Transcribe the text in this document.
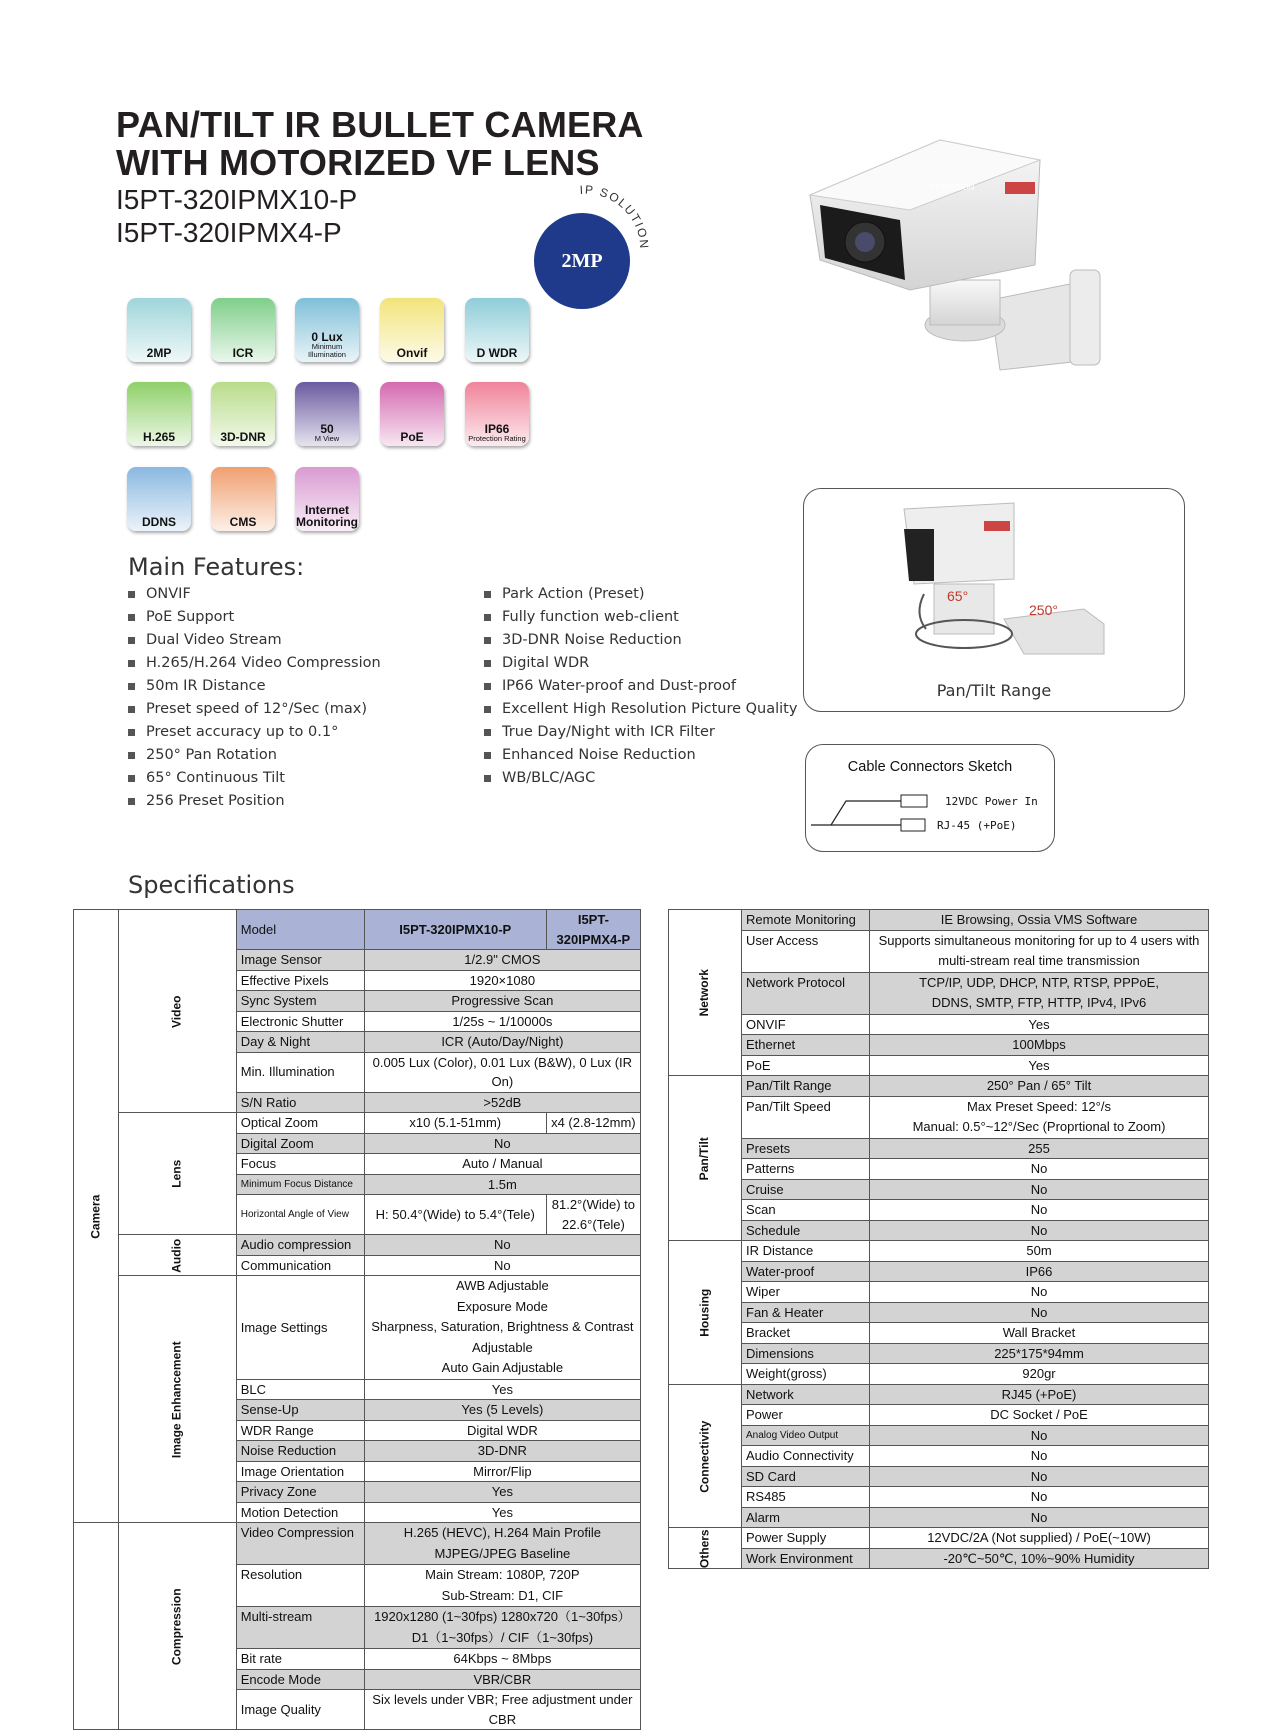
PAN/TILT IR BULLET CAMERA
WITH MOTORIZED VF LENS
I5PT-320IPMX10-P
I5PT-320IPMX4-P
2MP
IP SOLUTION
PROVISION
2MP	ICR
0 Lux
Minimum Illumination	Onvif	D WDR
H.265	3D-DNR
50
M View	PoE
IP66
Protection Rating
DDNS	CMS
Internet Monitoring
Main Features:
ONVIF
PoE Support
Dual Video Stream
H.265/H.264 Video Compression
50m IR Distance
Preset speed of 12°/Sec (max)
Preset accuracy up to 0.1°
250° Pan Rotation
65° Continuous Tilt
256 Preset Position
Park Action (Preset)
Fully function web-client
3D-DNR Noise Reduction
Digital WDR
IP66 Water-proof and Dust-proof
Excellent High Resolution Picture Quality
True Day/Night with ICR Filter
Enhanced Noise Reduction
WB/BLC/AGC
65°
250°
Pan/Tilt Range
Cable Connectors Sketch
12VDC Power In
RJ-45 (+PoE)
Specifications
Camera	Video	Model	I5PT-320IPMX10-P	I5PT-320IPMX4-P
		Image Sensor	1/2.9" CMOS	
		Effective Pixels	1920×1080	
		Sync System	Progressive Scan	
		Electronic Shutter	1/25s ~ 1/10000s	
		Day & Night	ICR (Auto/Day/Night)	
		Min. Illumination	0.005 Lux (Color), 0.01 Lux (B&W), 0 Lux (IR On)	
		S/N Ratio	>52dB	
	Lens	Optical Zoom	x10 (5.1-51mm)	x4 (2.8-12mm)
		Digital Zoom	No	
		Focus	Auto / Manual	
		Minimum Focus Distance	1.5m	
		Horizontal Angle of View	H: 50.4°(Wide) to 5.4°(Tele)	81.2°(Wide) to 22.6°(Tele)
	Audio	Audio compression	No	
		Communication	No	
	Image Enhancement	Image Settings	AWB Adjustable
Exposure Mode
Sharpness, Saturation, Brightness & Contrast Adjustable
Auto Gain Adjustable	

		BLC	Yes	
		Sense-Up	Yes (5 Levels)	
		WDR Range	Digital WDR	
		Noise Reduction	3D-DNR	
		Image Orientation	Mirror/Flip	
		Privacy Zone	Yes	
		Motion Detection	Yes	
	Compression	Video Compression	H.265 (HEVC), H.264 Main Profile
MJPEG/JPEG Baseline	

		Resolution	Main Stream: 1080P, 720P
Sub-Stream: D1, CIF	

		Multi-stream	1920x1280 (1~30fps) 1280x720（1~30fps）
D1（1~30fps）/ CIF（1~30fps)	

		Bit rate	64Kbps ~ 8Mbps	
		Encode Mode	VBR/CBR	
		Image Quality	Six levels under VBR; Free adjustment under CBR	
Network	Remote Monitoring	IE Browsing, Ossia VMS Software
	User Access	Supports simultaneous monitoring for up to 4 users with
multi-stream real time transmission

	Network Protocol	TCP/IP, UDP, DHCP, NTP, RTSP, PPPoE,
DDNS, SMTP, FTP, HTTP, IPv4, IPv6

	ONVIF	Yes
	Ethernet	100Mbps
	PoE	Yes
Pan/Tilt	Pan/Tilt Range	250° Pan / 65° Tilt
	Pan/Tilt Speed	Max Preset Speed: 12°/s
Manual: 0.5°~12°/Sec (Proprtional to Zoom)

	Presets	255
	Patterns	No
	Cruise	No
	Scan	No
	Schedule	No
Housing	IR Distance	50m
	Water-proof	IP66
	Wiper	No
	Fan & Heater	No
	Bracket	Wall Bracket
	Dimensions	225*175*94mm
	Weight(gross)	920gr
Connectivity	Network	RJ45 (+PoE)
	Power	DC Socket / PoE
	Analog Video Output	No
	Audio Connectivity	No
	SD Card	No
	RS485	No
	Alarm	No
Others	Power Supply	12VDC/2A (Not supplied) / PoE(~10W)
	Work Environment	-20℃~50℃, 10%~90% Humidity
